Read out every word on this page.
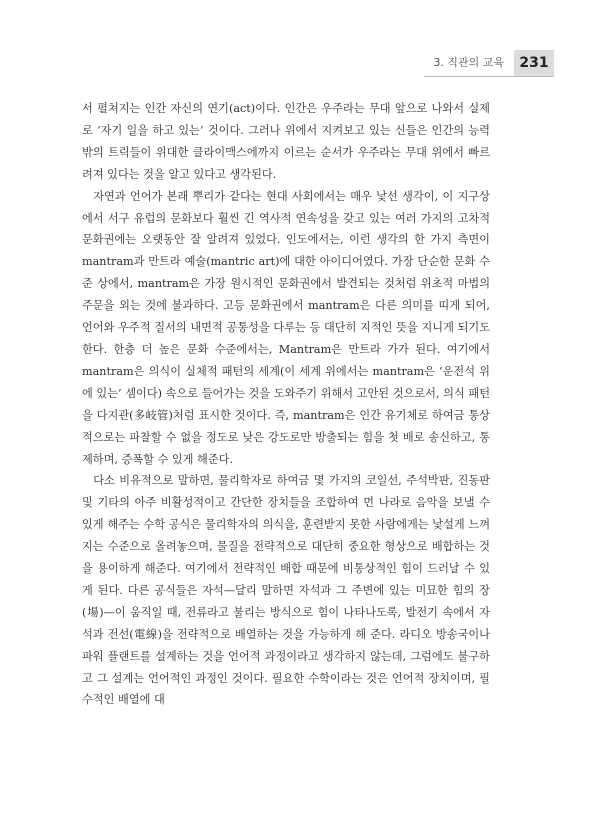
3. 직관의 교육	231

서 펼쳐지는 인간 자신의 연기(act)이다. 인간은 우주라는 무대 앞으로 나와서 실제로 ‘자기 일을 하고 있는’ 것이다. 그러나 위에서 지켜보고 있는 신들은 인간의 능력 밖의 트릭들이 위대한 클라이맥스에까지 이르는 순서가 우주라는 무대 위에서 빠르려져 있다는 것을 알고 있다고 생각된다.

자연과 언어가 본래 뿌리가 같다는 현대 사회에서는 매우 낯선 생각이, 이 지구상에서 서구 유럽의 문화보다 훨씬 긴 역사적 연속성을 갖고 있는 여러 가지의 고차적 문화권에는 오랫동안 잘 알려져 있었다. 인도에서는, 이런 생각의 한 가지 측면이 mantram과 만트라 예술(mantric art)에 대한 아이디어였다. 가장 단순한 문화 수준 상에서, mantram은 가장 원시적인 문화권에서 발견되는 것처럼 위초적 마법의 주문을 외는 것에 불과하다. 고등 문화권에서 mantram은 다른 의미를 띠게 되어, 언어와 우주적 질서의 내면적 공통성을 다루는 등 대단히 지적인 뜻을 지니게 되기도 한다. 한층 더 높은 문화 수준에서는, Mantram은 만트라 가가 된다. 여기에서 mantram은 의식이 실체적 패턴의 세계(이 세계 위에서는 mantram은 ‘운전석 위에 있는’ 셈이다) 속으로 들어가는 것을 도와주기 위해서 고안된 것으로서, 의식 패턴을 다지관(多岐管)처럼 표시한 것이다. 즉, mantram은 인간 유기체로 하여금 통상적으로는 파찰할 수 없을 정도로 낮은 강도로만 방출되는 힘을 첫 배로 송신하고, 통제하며, 증폭할 수 있게 해준다.

다소 비유적으로 말하면, 물리학자로 하여금 몇 가지의 코일선, 주석박판, 진동판 및 기타의 아주 비활성적이고 간단한 장치들을 조합하여 먼 나라로 음악을 보낼 수 있게 해주는 수학 공식은 물리학자의 의식을, 훈련받지 못한 사람에게는 낯설게 느껴지는 수준으로 올려놓으며, 물질을 전략적으로 대단히 중요한 형상으로 배합하는 것을 용이하게 해준다. 여기에서 전략적인 배합 때문에 비통상적인 힘이 드러날 수 있게 된다. 다른 공식들은 자석—달리 말하면 자석과 그 주변에 있는 미묘한 힘의 장(場)—이 움직일 때, 전류라고 불리는 방식으로 힘이 나타나도록, 발전기 속에서 자석과 전선(電線)을 전략적으로 배열하는 것을 가능하게 해 준다. 라디오 방송국이나 파워 플랜트를 설계하는 것을 언어적 과정이라고 생각하지 않는데, 그럼에도 불구하고 그 설계는 언어적인 과정인 것이다. 필요한 수학이라는 것은 언어적 장치이며, 필수적인 배열에 대
